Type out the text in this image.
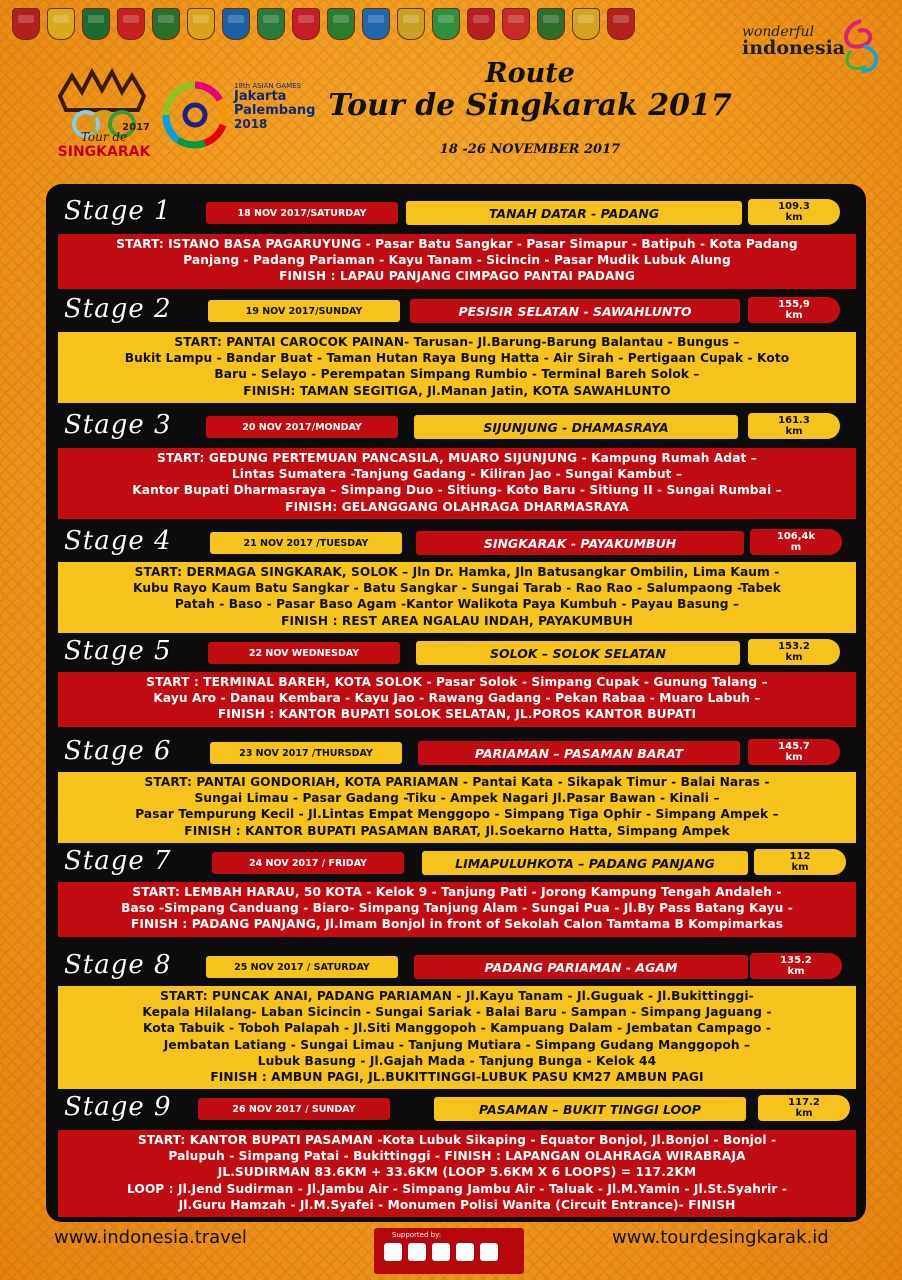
wonderful
indonesia
Tour de
SINGKARAK
2017
18th ASIAN GAMES
Jakarta
Palembang
2018
Route
Tour de Singkarak 2017
18 -26 NOVEMBER 2017
Stage 1	18 NOV 2017/SATURDAY	TANAH DATAR - PADANG	109.3
km
START: ISTANO BASA PAGARUYUNG - Pasar Batu Sangkar - Pasar Simapur - Batipuh - Kota Padang
Panjang - Padang Pariaman - Kayu Tanam - Sicincin - Pasar Mudik Lubuk Alung
FINISH : LAPAU PANJANG CIMPAGO PANTAI PADANG
Stage 2	19 NOV 2017/SUNDAY	PESISIR SELATAN - SAWAHLUNTO	155,9
km
START: PANTAI CAROCOK PAINAN- Tarusan- Jl.Barung-Barung Balantau - Bungus –
Bukit Lampu - Bandar Buat - Taman Hutan Raya Bung Hatta - Air Sirah - Pertigaan Cupak - Koto
Baru - Selayo - Perempatan Simpang Rumbio - Terminal Bareh Solok –
FINISH: TAMAN SEGITIGA, Jl.Manan Jatin, KOTA SAWAHLUNTO
Stage 3	20 NOV 2017/MONDAY	SIJUNJUNG - DHAMASRAYA	161.3
km
START: GEDUNG PERTEMUAN PANCASILA, MUARO SIJUNJUNG - Kampung Rumah Adat –
Lintas Sumatera -Tanjung Gadang - Kiliran Jao - Sungai Kambut –
Kantor Bupati Dharmasraya – Simpang Duo - Sitiung- Koto Baru - Sitiung II - Sungai Rumbai –
FINISH: GELANGGANG OLAHRAGA DHARMASRAYA
Stage 4	21 NOV 2017 /TUESDAY	SINGKARAK - PAYAKUMBUH	106,4k
m
START: DERMAGA SINGKARAK, SOLOK – Jln Dr. Hamka, Jln Batusangkar Ombilin, Lima Kaum -
Kubu Rayo Kaum Batu Sangkar - Batu Sangkar - Sungai Tarab - Rao Rao - Salumpaong -Tabek
Patah - Baso - Pasar Baso Agam -Kantor Walikota Paya Kumbuh - Payau Basung –
FINISH : REST AREA NGALAU INDAH, PAYAKUMBUH
Stage 5	22 NOV WEDNESDAY	SOLOK – SOLOK SELATAN	153.2
km
START : TERMINAL BAREH, KOTA SOLOK - Pasar Solok - Simpang Cupak - Gunung Talang –
Kayu Aro - Danau Kembara - Kayu Jao - Rawang Gadang - Pekan Rabaa - Muaro Labuh –
FINISH : KANTOR BUPATI SOLOK SELATAN, JL.POROS KANTOR BUPATI
Stage 6	23 NOV 2017 /THURSDAY	PARIAMAN – PASAMAN BARAT	145.7
km
START: PANTAI GONDORIAH, KOTA PARIAMAN - Pantai Kata - Sikapak Timur - Balai Naras -
Sungai Limau - Pasar Gadang -Tiku - Ampek Nagari Jl.Pasar Bawan - Kinali –
Pasar Tempurung Kecil - Jl.Lintas Empat Menggopo - Simpang Tiga Ophir - Simpang Ampek –
FINISH : KANTOR BUPATI PASAMAN BARAT, Jl.Soekarno Hatta, Simpang Ampek
Stage 7	24 NOV 2017 / FRIDAY	LIMAPULUHKOTA – PADANG PANJANG	112
km
START: LEMBAH HARAU, 50 KOTA - Kelok 9 - Tanjung Pati - Jorong Kampung Tengah Andaleh -
Baso -Simpang Canduang - Biaro- Simpang Tanjung Alam - Sungai Pua - Jl.By Pass Batang Kayu -
FINISH : PADANG PANJANG, Jl.Imam Bonjol in front of Sekolah Calon Tamtama B Kompimarkas
Stage 8	25 NOV 2017 / SATURDAY	PADANG PARIAMAN - AGAM	135.2
km
START: PUNCAK ANAI, PADANG PARIAMAN - Jl.Kayu Tanam - Jl.Guguak - Jl.Bukittinggi-
Kepala Hilalang- Laban Sicincin - Sungai Sariak - Balai Baru - Sampan - Simpang Jaguang -
Kota Tabuik - Toboh Palapah - Jl.Siti Manggopoh - Kampuang Dalam - Jembatan Campago -
Jembatan Latiang - Sungai Limau - Tanjung Mutiara - Simpang Gudang Manggopoh –
Lubuk Basung - Jl.Gajah Mada - Tanjung Bunga - Kelok 44
FINISH : AMBUN PAGI, JL.BUKITTINGGI-LUBUK PASU KM27 AMBUN PAGI
Stage 9	26 NOV 2017 / SUNDAY	PASAMAN – BUKIT TINGGI LOOP	117.2
km
START: KANTOR BUPATI PASAMAN -Kota Lubuk Sikaping - Equator Bonjol, Jl.Bonjol - Bonjol -
Palupuh - Simpang Patai - Bukittinggi - FINISH : LAPANGAN OLAHRAGA WIRABRAJA
JL.SUDIRMAN 83.6KM + 33.6KM (LOOP 5.6KM X 6 LOOPS) = 117.2KM
LOOP : Jl.Jend Sudirman - Jl.Jambu Air - Simpang Jambu Air - Taluak - Jl.M.Yamin - Jl.St.Syahrir -
Jl.Guru Hamzah - Jl.M.Syafei - Monumen Polisi Wanita (Circuit Entrance)- FINISH
www.indonesia.travel	Supported by:	www.tourdesingkarak.id
